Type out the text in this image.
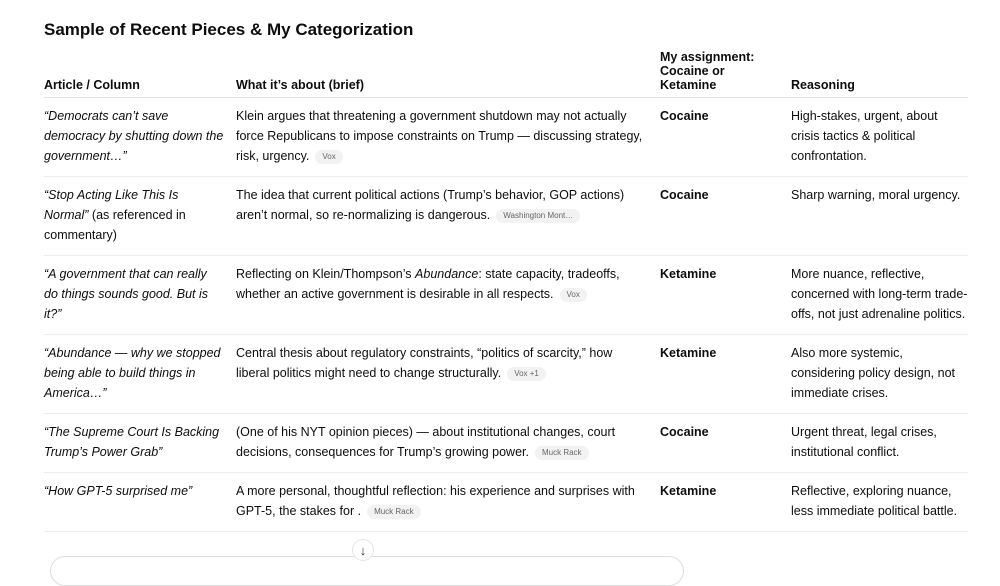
Sample of Recent Pieces & My Categorization
Article / Column	What it’s about (brief)	My assignment: Cocaine or Ketamine	Reasoning
“Democrats can’t save democracy by shutting down the government…”	Klein argues that threatening a government shutdown may not actually force Republicans to impose constraints on Trump — discussing strategy, risk, urgency. Vox	Cocaine	High-stakes, urgent, about crisis tactics & political confrontation.
“Stop Acting Like This Is Normal” (as referenced in commentary)	The idea that current political actions (Trump’s behavior, GOP actions) aren’t normal, so re-normalizing is dangerous. Washington Mont…	Cocaine	Sharp warning, moral urgency.
“A government that can really do things sounds good. But is it?”	Reflecting on Klein/Thompson’s Abundance: state capacity, tradeoffs, whether an active government is desirable in all respects. Vox	Ketamine	More nuance, reflective, concerned with long-term trade-offs, not just adrenaline politics.
“Abundance — why we stopped being able to build things in America…”	Central thesis about regulatory constraints, “politics of scarcity,” how liberal politics might need to change structurally. Vox +1	Ketamine	Also more systemic, considering policy design, not immediate crises.
“The Supreme Court Is Backing Trump’s Power Grab”	(One of his NYT opinion pieces) — about institutional changes, court decisions, consequences for Trump’s growing power. Muck Rack	Cocaine	Urgent threat, legal crises, institutional conflict.
“How GPT-5 surprised me”	A more personal, thoughtful reflection: his experience and surprises with GPT-5, the stakes for . Muck Rack	Ketamine	Reflective, exploring nuance, less immediate political battle.
↓
